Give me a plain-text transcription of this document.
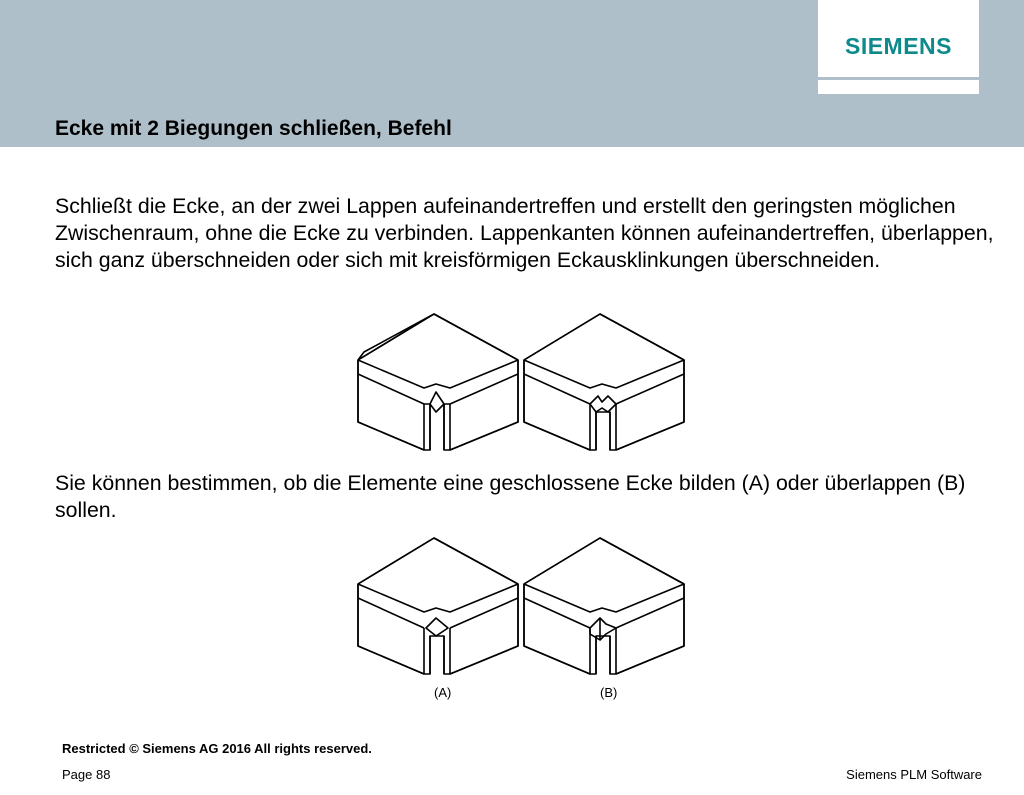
SIEMENS
Ecke mit 2 Biegungen schließen, Befehl

Schließt die Ecke, an der zwei Lappen aufeinandertreffen und erstellt den geringsten möglichen Zwischenraum, ohne die Ecke zu verbinden. Lappenkanten können aufeinandertreffen, überlappen, sich ganz überschneiden oder sich mit kreisförmigen Eckausklinkungen überschneiden.

Sie können bestimmen, ob die Elemente eine geschlossene Ecke bilden (A) oder überlappen (B) sollen.

(A)	(B)
Restricted © Siemens AG 2016 All rights reserved.
Page 88	Siemens PLM Software
